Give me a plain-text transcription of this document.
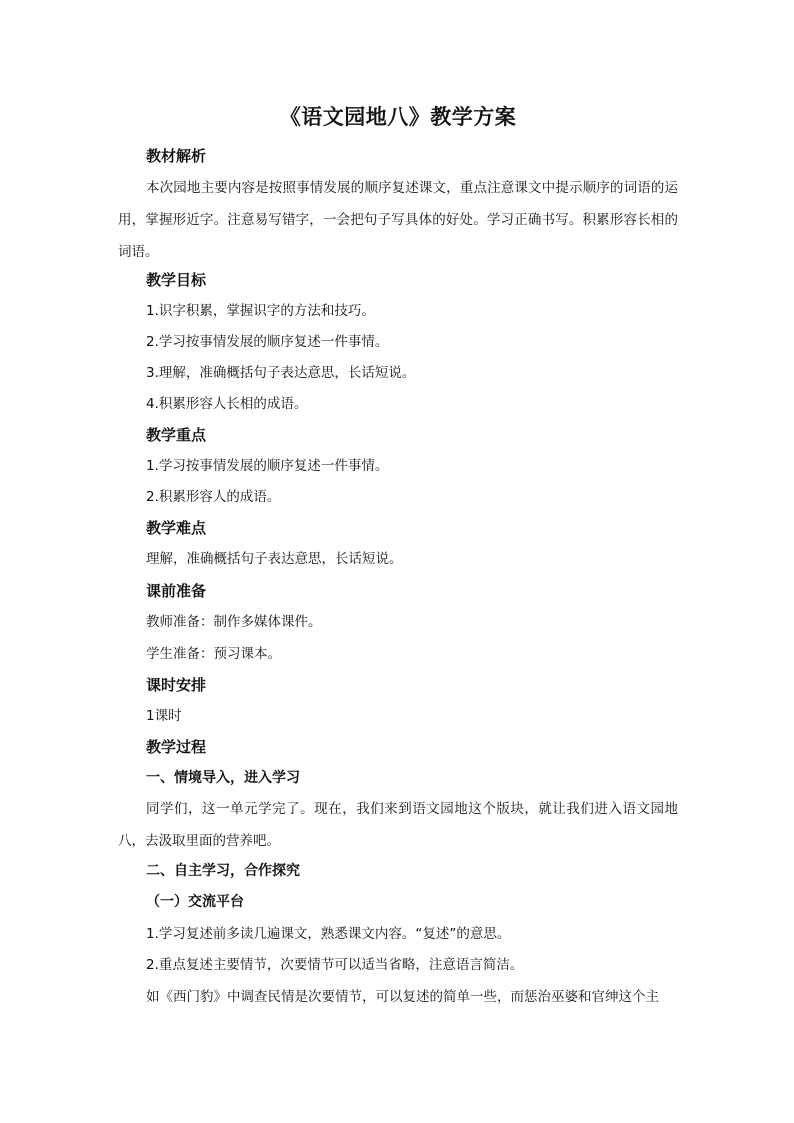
《语文园地八》教学方案
教材解析
本次园地主要内容是按照事情发展的顺序复述课文，重点注意课文中提示顺序的词语的运用，掌握形近字。注意易写错字，一会把句子写具体的好处。学习正确书写。积累形容长相的词语。
教学目标
1.识字积累，掌握识字的方法和技巧。
2.学习按事情发展的顺序复述一件事情。
3.理解，准确概括句子表达意思，长话短说。
4.积累形容人长相的成语。
教学重点
1.学习按事情发展的顺序复述一件事情。
2.积累形容人的成语。
教学难点
理解，准确概括句子表达意思，长话短说。
课前准备
教师准备：制作多媒体课件。
学生准备：预习课本。
课时安排
1课时
教学过程
一、情境导入，进入学习
同学们，这一单元学完了。现在，我们来到语文园地这个版块，就让我们进入语文园地八，去汲取里面的营养吧。
二、自主学习，合作探究
（一）交流平台
1.学习复述前多读几遍课文，熟悉课文内容。“复述”的意思。
2.重点复述主要情节，次要情节可以适当省略，注意语言简洁。
如《西门豹》中调查民情是次要情节，可以复述的简单一些，而惩治巫婆和官绅这个主
